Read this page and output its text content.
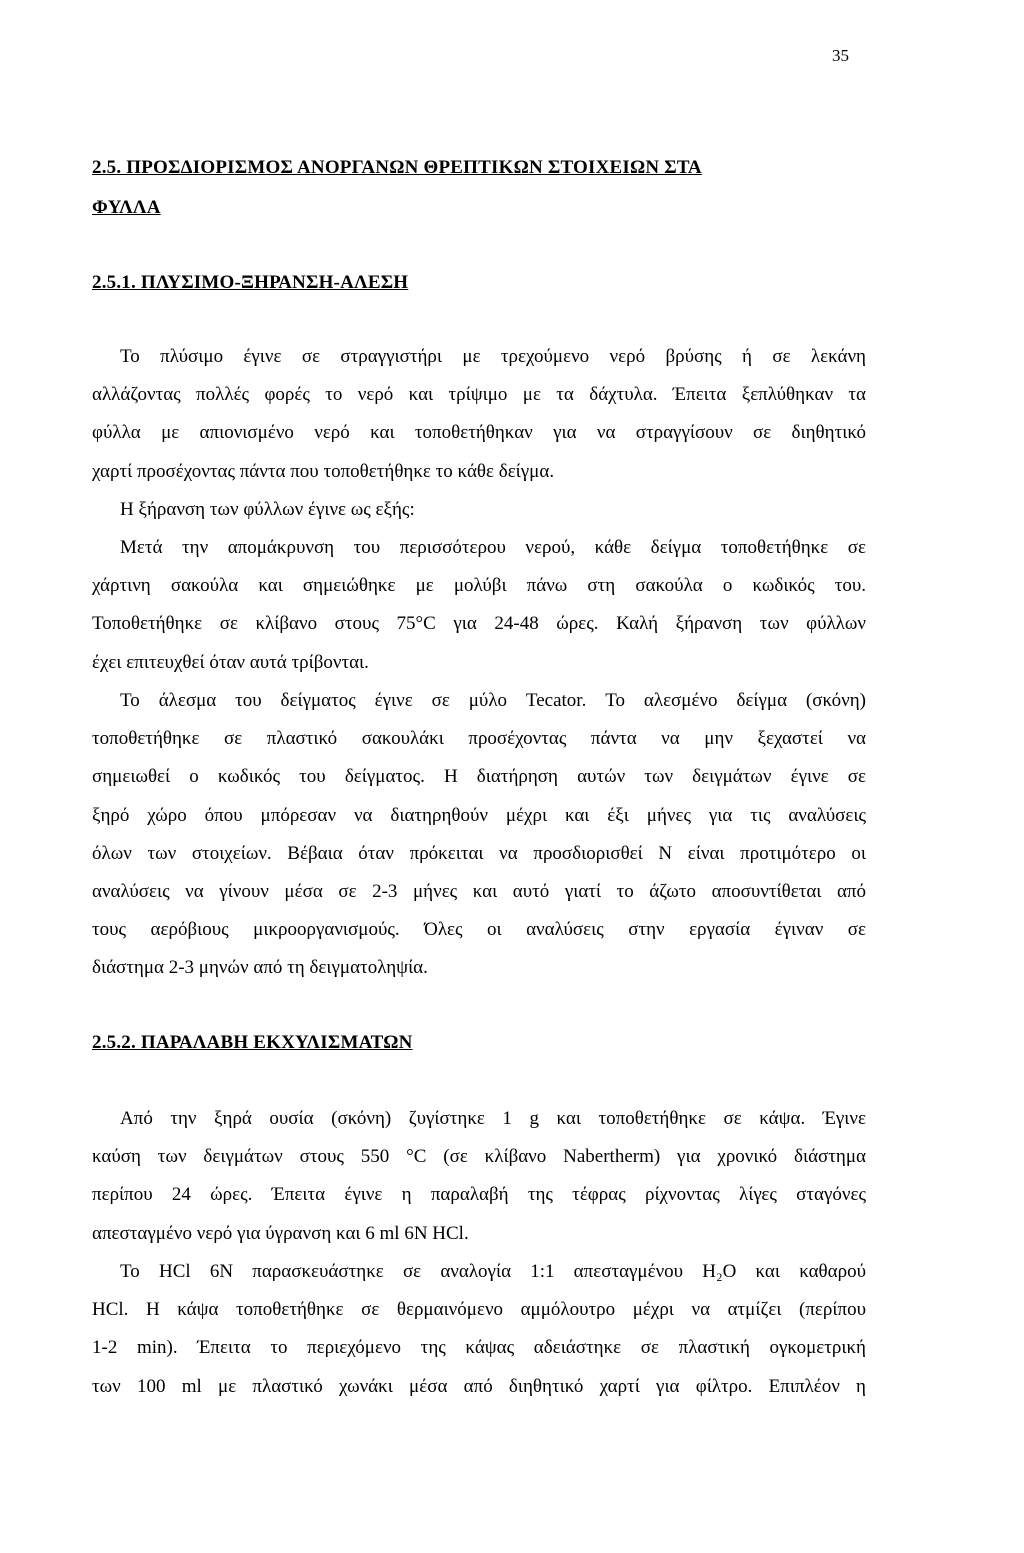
35
2.5. ΠΡΟΣΔΙΟΡΙΣΜΟΣ ΑΝΟΡΓΑΝΩΝ ΘΡΕΠΤΙΚΩΝ ΣΤΟΙΧΕΙΩΝ ΣΤΑ
ΦΥΛΛΑ
2.5.1. ΠΛΥΣΙΜΟ-ΞΗΡΑΝΣΗ-ΑΛΕΣΗ
Το πλύσιμο έγινε σε στραγγιστήρι με τρεχούμενο νερό βρύσης ή σε λεκάνη
αλλάζοντας πολλές φορές το νερό και τρίψιμο με τα δάχτυλα. Έπειτα ξεπλύθηκαν τα
φύλλα με απιονισμένο νερό και τοποθετήθηκαν για να στραγγίσουν σε διηθητικό
χαρτί προσέχοντας πάντα που τοποθετήθηκε το κάθε δείγμα.
Η ξήρανση των φύλλων έγινε ως εξής:
Μετά την απομάκρυνση του περισσότερου νερού, κάθε δείγμα τοποθετήθηκε σε
χάρτινη σακούλα και σημειώθηκε με μολύβι πάνω στη σακούλα ο κωδικός του.
Τοποθετήθηκε σε κλίβανο στους 75°C για 24-48 ώρες. Καλή ξήρανση των φύλλων
έχει επιτευχθεί όταν αυτά τρίβονται.
Το άλεσμα του δείγματος έγινε σε μύλο Tecator. Το αλεσμένο δείγμα (σκόνη)
τοποθετήθηκε σε πλαστικό σακουλάκι προσέχοντας πάντα να μην ξεχαστεί να
σημειωθεί ο κωδικός του δείγματος. Η διατήρηση αυτών των δειγμάτων έγινε σε
ξηρό χώρο όπου μπόρεσαν να διατηρηθούν μέχρι και έξι μήνες για τις αναλύσεις
όλων των στοιχείων. Βέβαια όταν πρόκειται να προσδιορισθεί Ν είναι προτιμότερο οι
αναλύσεις να γίνουν μέσα σε 2-3 μήνες και αυτό γιατί το άζωτο αποσυντίθεται από
τους αερόβιους μικροοργανισμούς. Όλες οι αναλύσεις στην εργασία έγιναν σε
διάστημα 2-3 μηνών από τη δειγματοληψία.
2.5.2. ΠΑΡΑΛΑΒΗ ΕΚΧΥΛΙΣΜΑΤΩΝ
Από την ξηρά ουσία (σκόνη) ζυγίστηκε 1 g και τοποθετήθηκε σε κάψα. Έγινε
καύση των δειγμάτων στους 550 °C (σε κλίβανο Nabertherm) για χρονικό διάστημα
περίπου 24 ώρες. Έπειτα έγινε η παραλαβή της τέφρας ρίχνοντας λίγες σταγόνες
απεσταγμένο νερό για ύγρανση και 6 ml 6N HCl.
Το HCl 6N παρασκευάστηκε σε αναλογία 1:1 απεσταγμένου H₂O και καθαρού
HCl. Η κάψα τοποθετήθηκε σε θερμαινόμενο αμμόλουτρο μέχρι να ατμίζει (περίπου
1-2 min). Έπειτα το περιεχόμενο της κάψας αδειάστηκε σε πλαστική ογκομετρική
των 100 ml με πλαστικό χωνάκι μέσα από διηθητικό χαρτί για φίλτρο. Επιπλέον η
